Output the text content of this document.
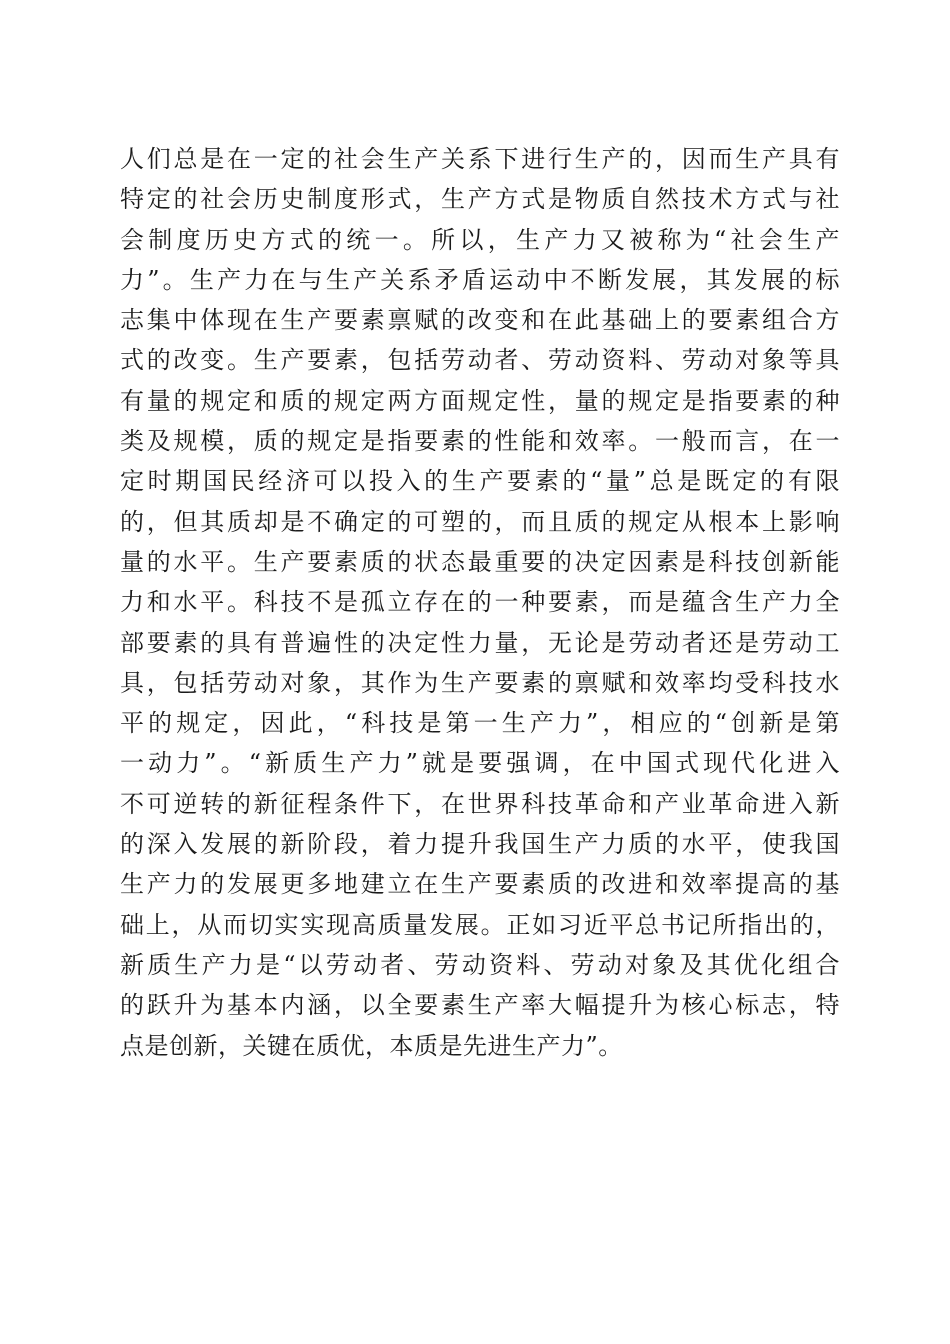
人们总是在一定的社会生产关系下进行生产的，因而生产具有
特定的社会历史制度形式，生产方式是物质自然技术方式与社
会制度历史方式的统一。所以，生产力又被称为“社会生产
力”。生产力在与生产关系矛盾运动中不断发展，其发展的标
志集中体现在生产要素禀赋的改变和在此基础上的要素组合方
式的改变。生产要素，包括劳动者、劳动资料、劳动对象等具
有量的规定和质的规定两方面规定性，量的规定是指要素的种
类及规模，质的规定是指要素的性能和效率。一般而言，在一
定时期国民经济可以投入的生产要素的“量”总是既定的有限
的，但其质却是不确定的可塑的，而且质的规定从根本上影响
量的水平。生产要素质的状态最重要的决定因素是科技创新能
力和水平。科技不是孤立存在的一种要素，而是蕴含生产力全
部要素的具有普遍性的决定性力量，无论是劳动者还是劳动工
具，包括劳动对象，其作为生产要素的禀赋和效率均受科技水
平的规定，因此，“科技是第一生产力”，相应的“创新是第
一动力”。“新质生产力”就是要强调，在中国式现代化进入
不可逆转的新征程条件下，在世界科技革命和产业革命进入新
的深入发展的新阶段，着力提升我国生产力质的水平，使我国
生产力的发展更多地建立在生产要素质的改进和效率提高的基
础上，从而切实实现高质量发展。正如习近平总书记所指出的，
新质生产力是“以劳动者、劳动资料、劳动对象及其优化组合
的跃升为基本内涵，以全要素生产率大幅提升为核心标志，特
点是创新，关键在质优，本质是先进生产力”。
